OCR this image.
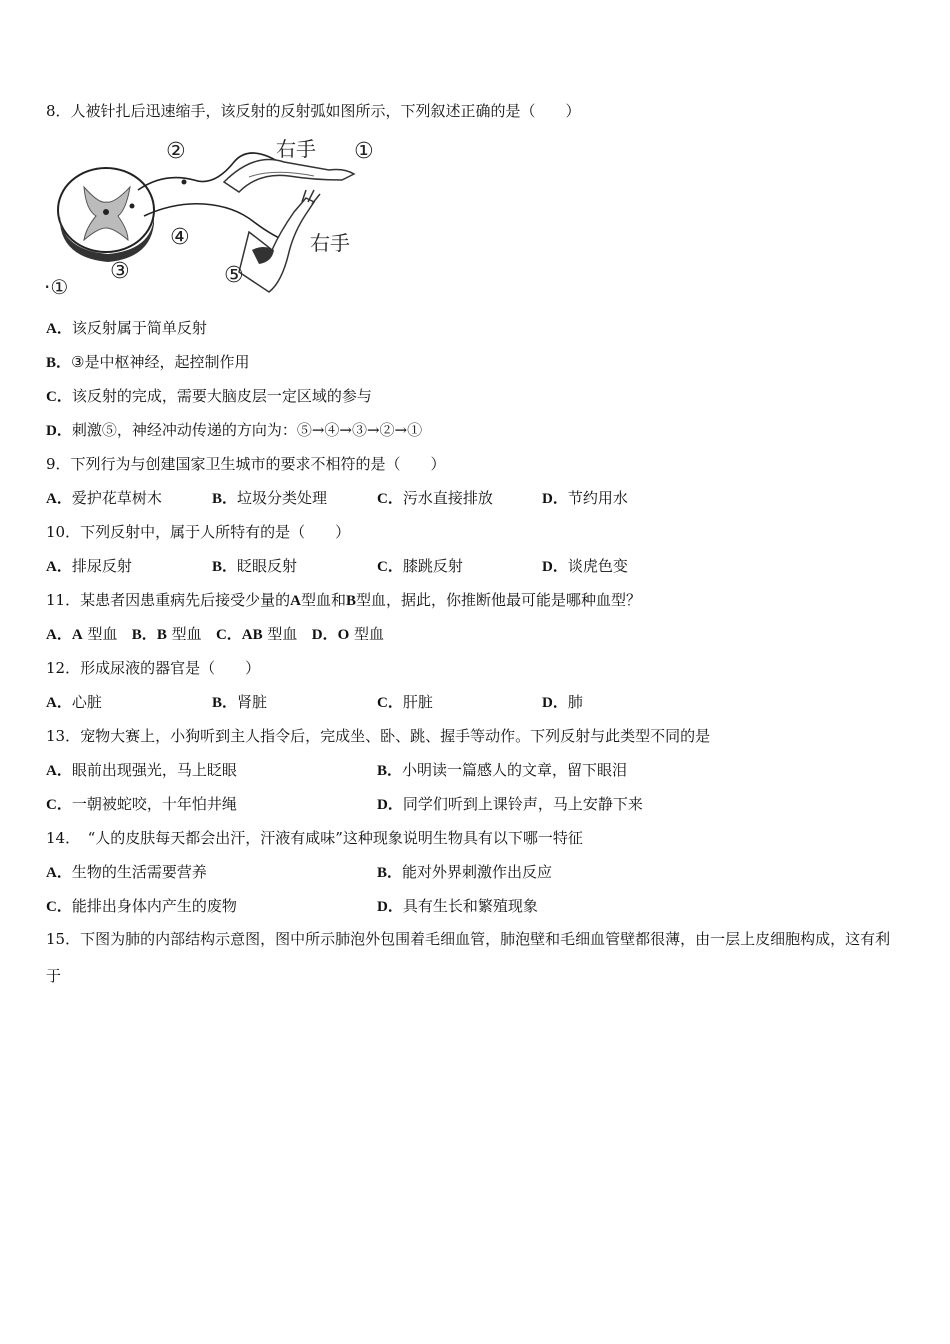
8．人被针扎后迅速缩手，该反射的反射弧如图所示，下列叙述正确的是（　　）
②	①
④
③	⑤
·①
右手
右手
A．该反射属于简单反射
B．③是中枢神经，起控制作用
C．该反射的完成，需要大脑皮层一定区域的参与
D．刺激⑤，神经冲动传递的方向为：⑤→④→③→②→①
9．下列行为与创建国家卫生城市的要求不相符的是（　　）
A．爱护花草树木	B．垃圾分类处理	C．污水直接排放	D．节约用水
10．下列反射中，属于人所特有的是（　　）
A．排尿反射	B．眨眼反射	C．膝跳反射	D．谈虎色变
11．某患者因患重病先后接受少量的A型血和B型血，据此，你推断他最可能是哪种血型？
A．A 型血 B．B 型血 C．AB 型血 D．O 型血
12．形成尿液的器官是（　　）
A．心脏	B．肾脏	C．肝脏	D．肺
13．宠物大赛上，小狗听到主人指令后，完成坐、卧、跳、握手等动作。下列反射与此类型不同的是
A．眼前出现强光，马上眨眼	B．小明读一篇感人的文章，留下眼泪
C．一朝被蛇咬，十年怕井绳	D．同学们听到上课铃声，马上安静下来
14．　“人的皮肤每天都会出汗，汗液有咸味”这种现象说明生物具有以下哪一特征
A．生物的生活需要营养	B．能对外界刺激作出反应
C．能排出身体内产生的废物	D．具有生长和繁殖现象
15．下图为肺的内部结构示意图，图中所示肺泡外包围着毛细血管，肺泡壁和毛细血管壁都很薄，由一层上皮细胞构成，这有利于
